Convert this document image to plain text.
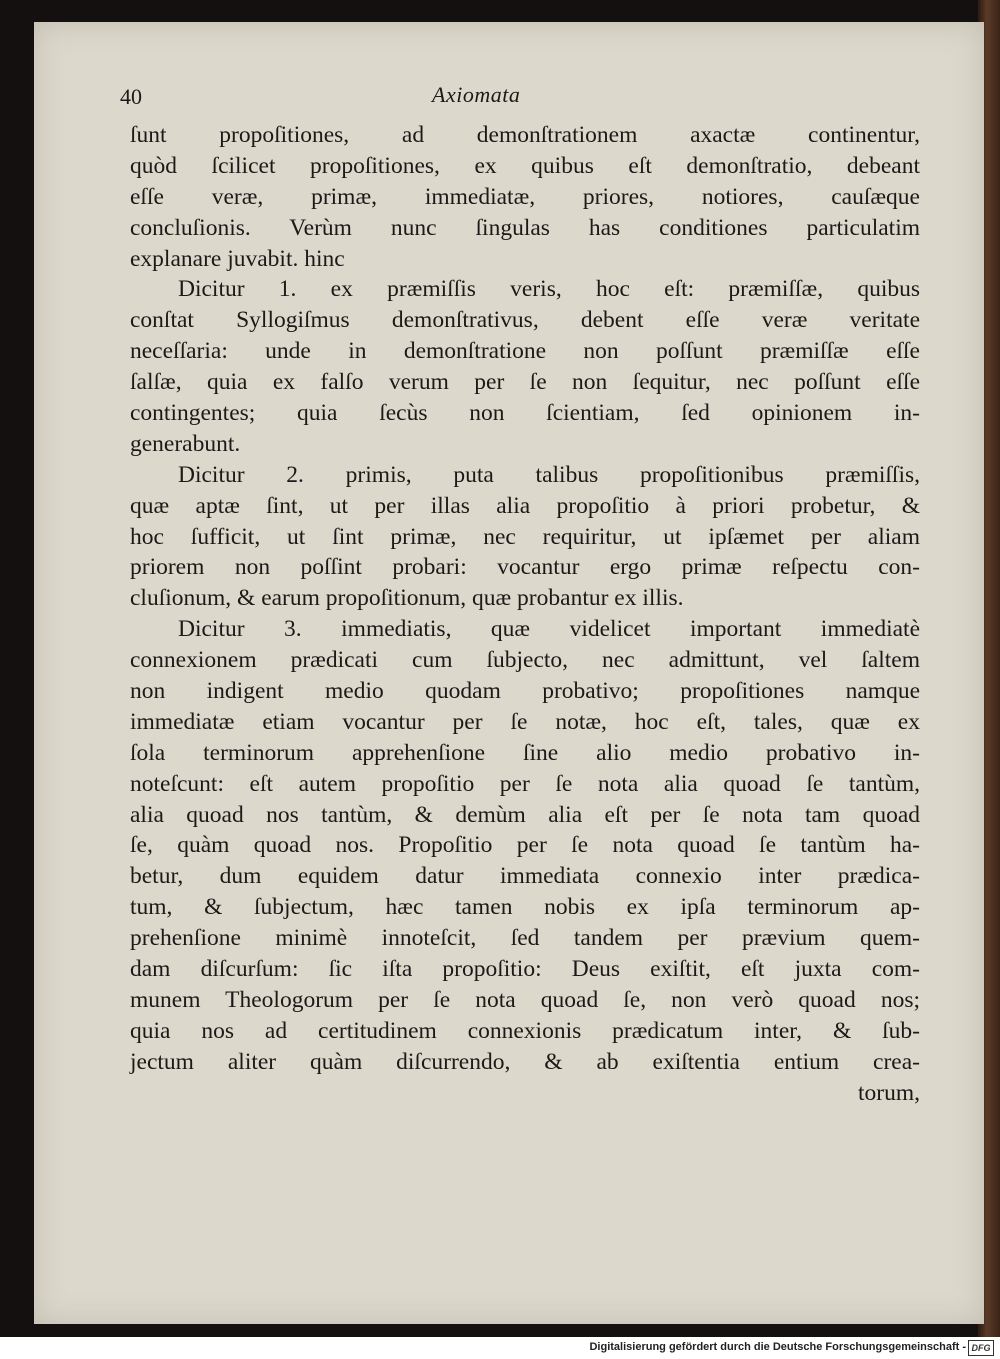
40	Axiomata
ſunt propoſitiones, ad demonſtrationem axactæ continentur,
quòd ſcilicet propoſitiones, ex quibus eſt demonſtratio, debeant
eſſe veræ, primæ, immediatæ, priores, notiores, cauſæque
concluſionis. Verùm nunc ſingulas has conditiones particulatim
explanare juvabit. hinc
Dicitur 1. ex præmiſſis veris, hoc eſt: præmiſſæ, quibus
conſtat Syllogiſmus demonſtrativus, debent eſſe veræ veritate
neceſſaria: unde in demonſtratione non poſſunt præmiſſæ eſſe
ſalſæ, quia ex falſo verum per ſe non ſequitur, nec poſſunt eſſe
contingentes; quia ſecùs non ſcientiam, ſed opinionem in-
generabunt.
Dicitur 2. primis, puta talibus propoſitionibus præmiſſis,
quæ aptæ ſint, ut per illas alia propoſitio à priori probetur, &
hoc ſufficit, ut ſint primæ, nec requiritur, ut ipſæmet per aliam
priorem non poſſint probari: vocantur ergo primæ reſpectu con-
cluſionum, & earum propoſitionum, quæ probantur ex illis.
Dicitur 3. immediatis, quæ videlicet important immediatè
connexionem prædicati cum ſubjecto, nec admittunt, vel ſaltem
non indigent medio quodam probativo; propoſitiones namque
immediatæ etiam vocantur per ſe notæ, hoc eſt, tales, quæ ex
ſola terminorum apprehenſione ſine alio medio probativo in-
noteſcunt: eſt autem propoſitio per ſe nota alia quoad ſe tantùm,
alia quoad nos tantùm, & demùm alia eſt per ſe nota tam quoad
ſe, quàm quoad nos. Propoſitio per ſe nota quoad ſe tantùm ha-
betur, dum equidem datur immediata connexio inter prædica-
tum, & ſubjectum, hæc tamen nobis ex ipſa terminorum ap-
prehenſione minimè innoteſcit, ſed tandem per prævium quem-
dam diſcurſum: ſic iſta propoſitio: Deus exiſtit, eſt juxta com-
munem Theologorum per ſe nota quoad ſe, non verò quoad nos;
quia nos ad certitudinem connexionis prædicatum inter, & ſub-
jectum aliter quàm diſcurrendo, & ab exiſtentia entium crea-
torum,
Digitalisierung gefördert durch die Deutsche Forschungsgemeinschaft - DFG
